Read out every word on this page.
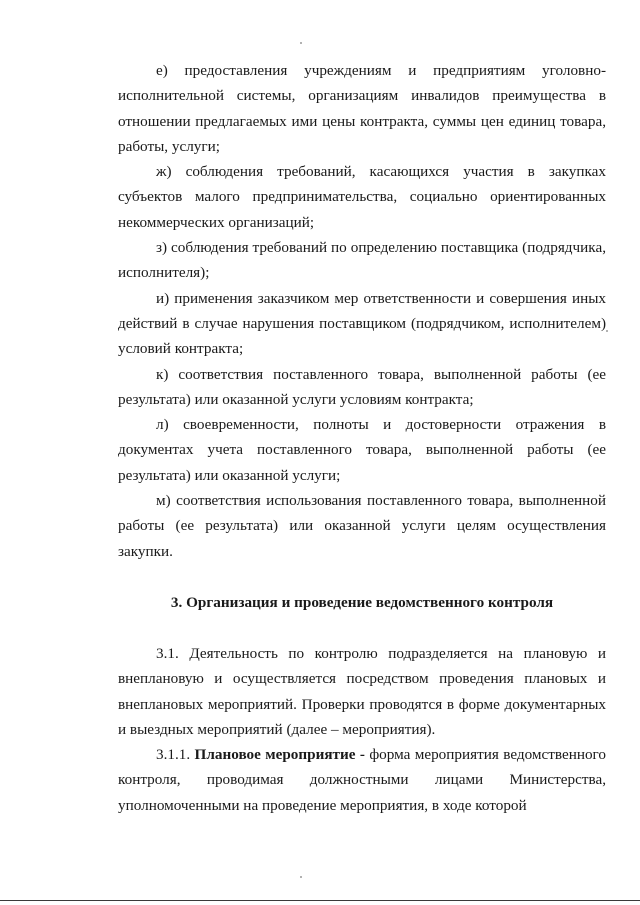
е) предоставления учреждениям и предприятиям уголовно-исполнительной системы, организациям инвалидов преимущества в отношении предлагаемых ими цены контракта, суммы цен единиц товара, работы, услуги;

ж) соблюдения требований, касающихся участия в закупках субъектов малого предпринимательства, социально ориентированных некоммерческих организаций;

з) соблюдения требований по определению поставщика (подрядчика, исполнителя);

и) применения заказчиком мер ответственности и совершения иных действий в случае нарушения поставщиком (подрядчиком, исполнителем) условий контракта;

к) соответствия поставленного товара, выполненной работы (ее результата) или оказанной услуги условиям контракта;

л) своевременности, полноты и достоверности отражения в документах учета поставленного товара, выполненной работы (ее результата) или оказанной услуги;

м) соответствия использования поставленного товара, выполненной работы (ее результата) или оказанной услуги целям осуществления закупки.

3. Организация и проведение ведомственного контроля

3.1. Деятельность по контролю подразделяется на плановую и внеплановую и осуществляется посредством проведения плановых и внеплановых мероприятий. Проверки проводятся в форме документарных и выездных мероприятий (далее – мероприятия).

3.1.1. Плановое мероприятие - форма мероприятия ведомственного контроля, проводимая должностными лицами Министерства, уполномоченными на проведение мероприятия, в ходе которой
